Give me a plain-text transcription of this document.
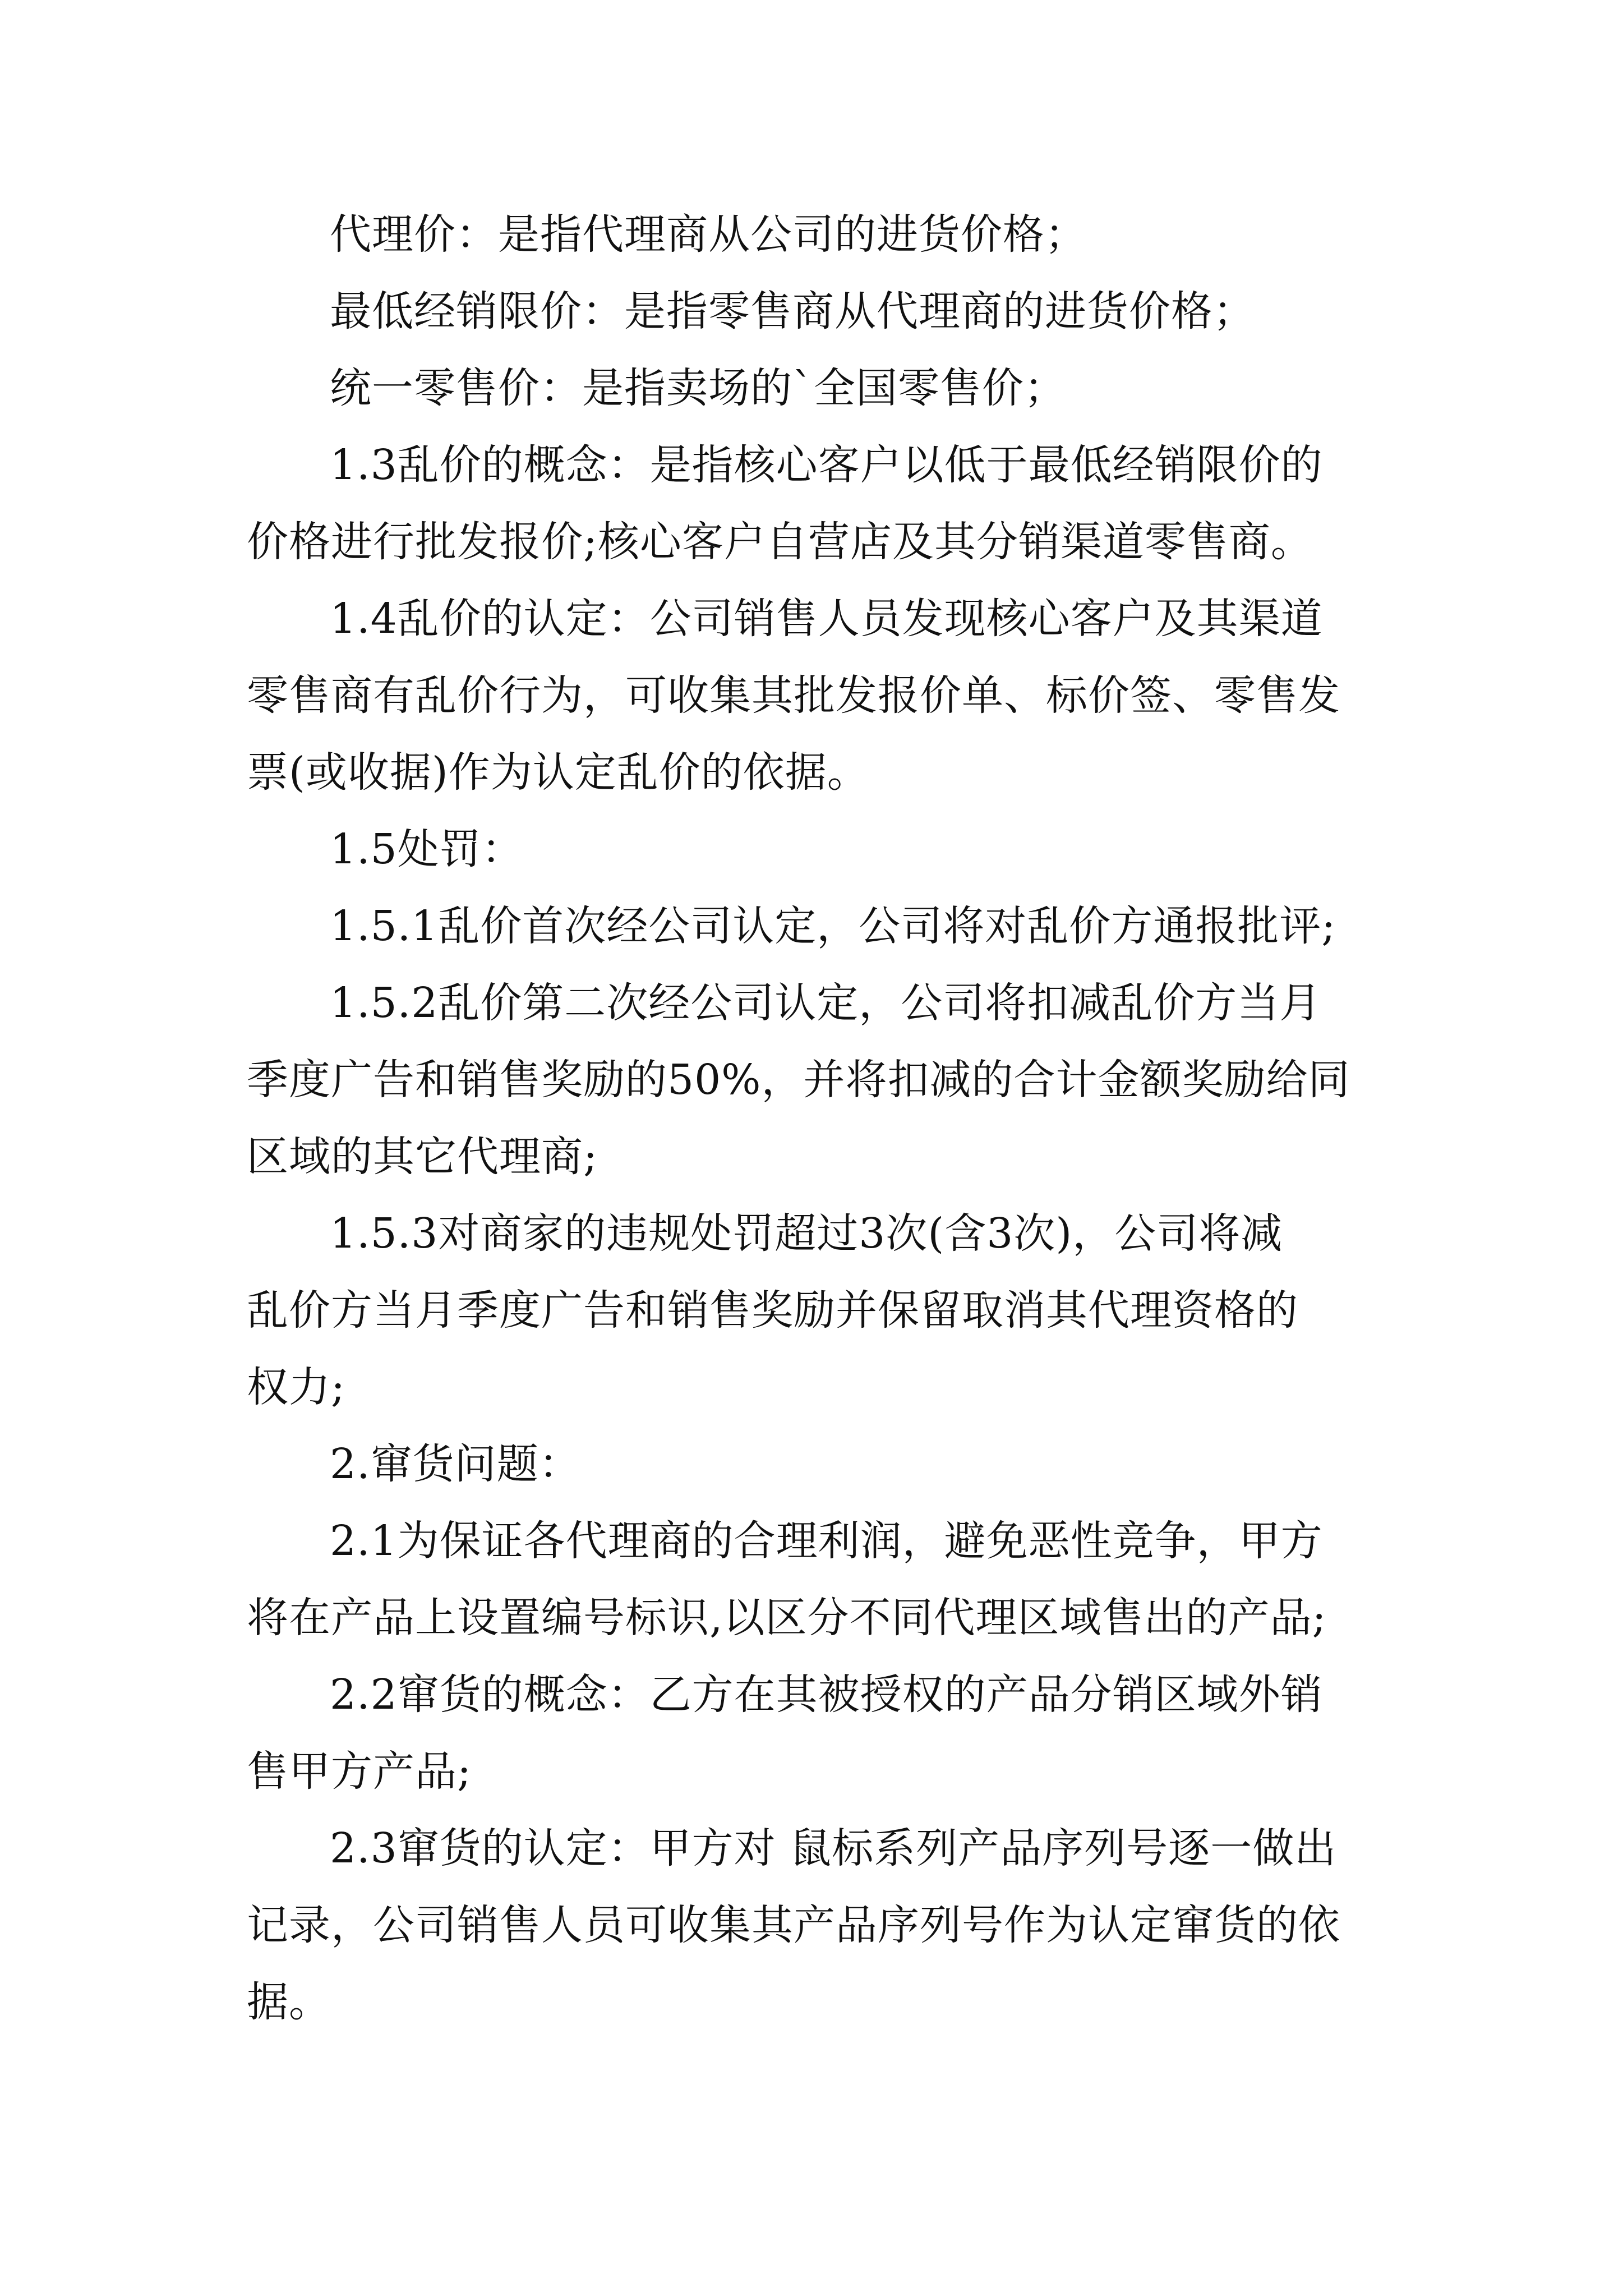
代理价：是指代理商从公司的进货价格；
最低经销限价：是指零售商从代理商的进货价格；
统一零售价：是指卖场的`全国零售价；
1.3乱价的概念：是指核心客户以低于最低经销限价的
价格进行批发报价;核心客户自营店及其分销渠道零售商。
1.4乱价的认定：公司销售人员发现核心客户及其渠道
零售商有乱价行为，可收集其批发报价单、标价签、零售发
票(或收据)作为认定乱价的依据。
1.5处罚：
1.5.1乱价首次经公司认定，公司将对乱价方通报批评;
1.5.2乱价第二次经公司认定，公司将扣减乱价方当月
季度广告和销售奖励的50%，并将扣减的合计金额奖励给同
区域的其它代理商;
1.5.3对商家的违规处罚超过3次(含3次)，公司将减
乱价方当月季度广告和销售奖励并保留取消其代理资格的
权力;
2.窜货问题：
2.1为保证各代理商的合理利润，避免恶性竞争，甲方
将在产品上设置编号标识,以区分不同代理区域售出的产品;
2.2窜货的概念：乙方在其被授权的产品分销区域外销
售甲方产品;
2.3窜货的认定：甲方对 鼠标系列产品序列号逐一做出
记录，公司销售人员可收集其产品序列号作为认定窜货的依
据。
